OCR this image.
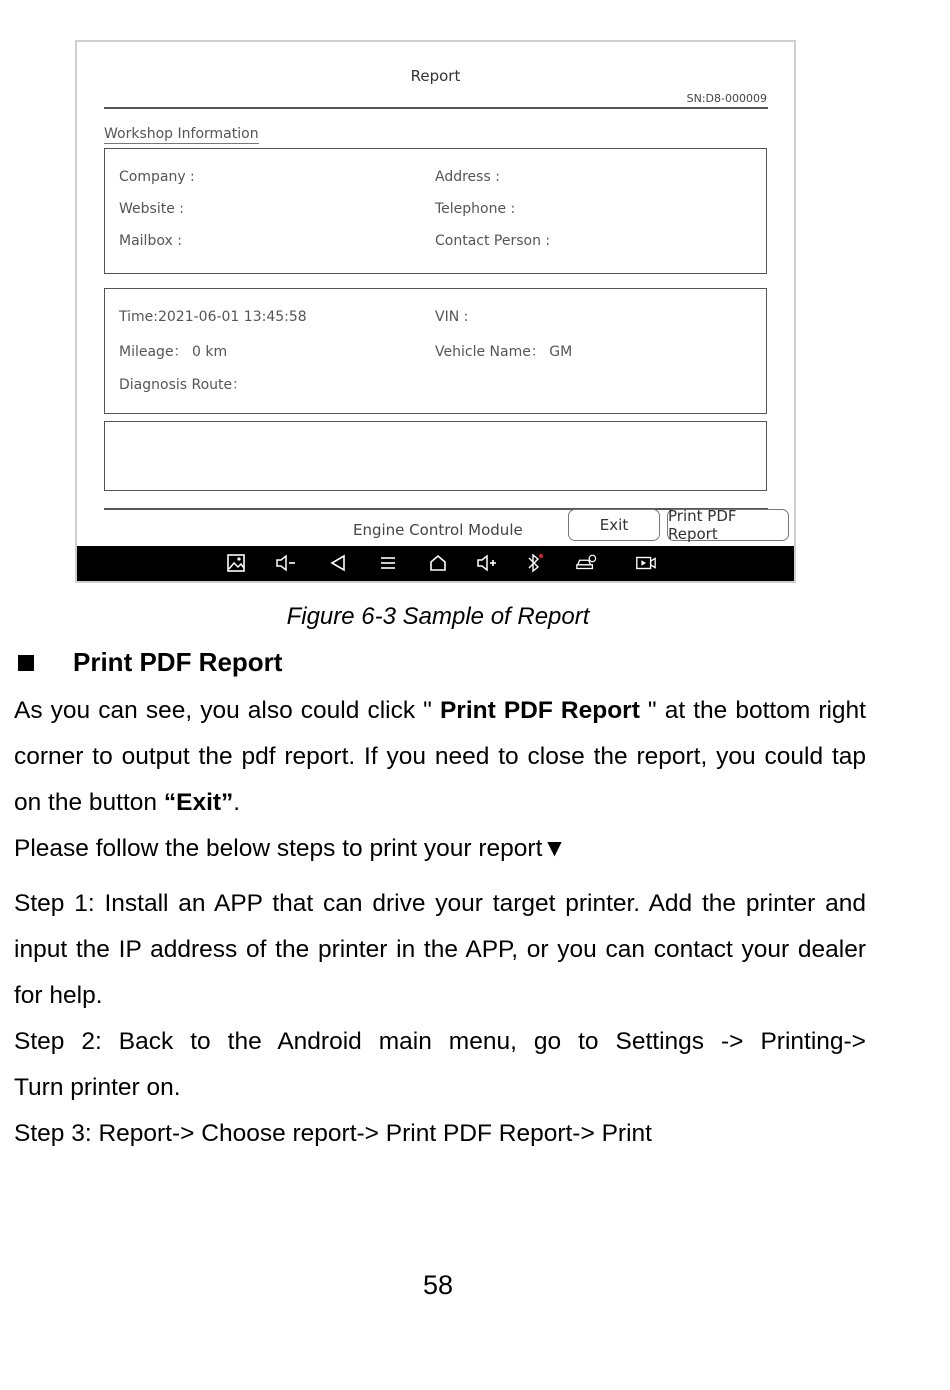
Report
SN:D8-000009
Workshop Information
Company :	Address :
Website :	Telephone :
Mailbox :	Contact Person :
Time:2021-06-01 13:45:58	VIN :
Mileage： 0 km	Vehicle Name： GM
Diagnosis Route：
Engine Control Module	Exit	Print PDF Report
Figure 6-3 Sample of Report
Print PDF Report
As you can see, you also could click " Print PDF Report " at the bottom right corner to output the pdf report. If you need to close the report, you could tap on the button “Exit”.
Please follow the below steps to print your report▼
Step 1: Install an APP that can drive your target printer. Add the printer and input the IP address of the printer in the APP, or you can contact your dealer for help.
Step 2: Back to the Android main menu, go to Settings -> Printing->
Turn printer on.
Step 3: Report-> Choose report-> Print PDF Report-> Print
58
